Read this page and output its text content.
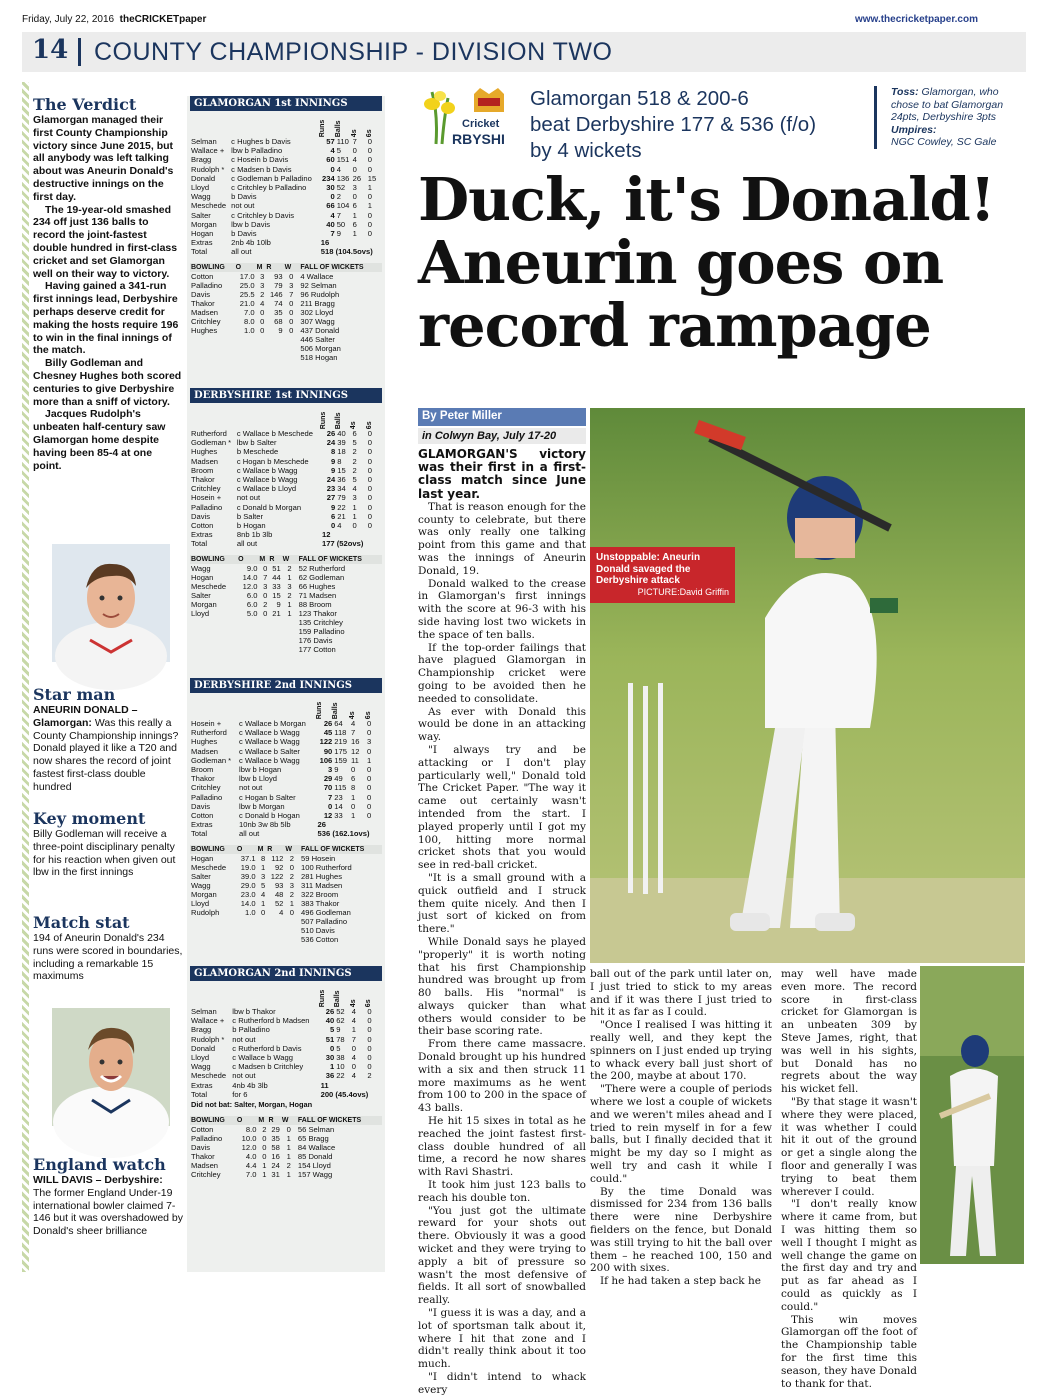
Friday, July 22, 2016 theCRICKETpaper	www.thecricketpaper.com
14 COUNTY CHAMPIONSHIP - DIVISION TWO
The Verdict
Glamorgan managed their first County Championship victory since June 2015, but all anybody was left talking about was Aneurin Donald's destructive innings on the first day.
The 19-year-old smashed 234 off just 136 balls to record the joint-fastest double hundred in first-class cricket and set Glamorgan well on their way to victory.
Having gained a 341-run first innings lead, Derbyshire perhaps deserve credit for making the hosts require 196 to win in the final innings of the match.
Billy Godleman and Chesney Hughes both scored centuries to give Derbyshire more than a sniff of victory.
Jacques Rudolph's unbeaten half-century saw Glamorgan home despite having been 85-4 at one point.
Star man
ANEURIN DONALD – Glamorgan: Was this really a County Championship innings? Donald played it like a T20 and now shares the record of joint fastest first-class double hundred
Key moment
Billy Godleman will receive a three-point disciplinary penalty for his reaction when given out lbw in the first innings
Match stat
194 of Aneurin Donald's 234 runs were scored in boundaries, including a remarkable 15 maximums
England watch
WILL DAVIS – Derbyshire: The former England Under-19 international bowler claimed 7-146 but it was overshadowed by Donald's sheer brilliance
GLAMORGAN 1st INNINGS
		Runs	Balls	4s	6s
Selman	c Hughes b Davis	57	110	7	0
Wallace +	lbw b Palladino	4	5	0	0
Bragg	c Hosein b Davis	60	151	4	0
Rudolph *	c Madsen b Davis	0	4	0	0
Donald	c Godleman b Palladino	234	136	26	15
Lloyd	c Critchley b Palladino	30	52	3	1
Wagg	b Davis	0	2	0	0
Meschede	not out	66	104	6	1
Salter	c Critchley b Davis	4	7	1	0
Morgan	lbw b Davis	40	50	6	0
Hogan	b Davis	7	9	1	0
Extras	2nb 4b 10lb	16			
Total	all out	518 (104.5ovs)			
BOWLING	O	M	R	W	FALL OF WICKETS
Cotton	17.0	3	93	0	4 Wallace
Palladino	25.0	3	79	3	92 Selman
Davis	25.5	2	146	7	96 Rudolph
Thakor	21.0	4	74	0	211 Bragg
Madsen	7.0	0	35	0	302 Lloyd
Critchley	8.0	0	68	0	307 Wagg
Hughes	1.0	0	9	0	437 Donald
					446 Salter
					506 Morgan
					518 Hogan
DERBYSHIRE 1st INNINGS
		Runs	Balls	4s	6s
Rutherford	c Wallace b Meschede	26	40	6	0
Godleman *	lbw b Salter	24	39	5	0
Hughes	b Meschede	8	18	2	0
Madsen	c Hogan b Meschede	9	8	2	0
Broom	c Wallace b Wagg	9	15	2	0
Thakor	c Wallace b Wagg	24	36	5	0
Critchley	c Wallace b Lloyd	23	34	4	0
Hosein +	not out	27	79	3	0
Palladino	c Donald b Morgan	9	22	1	0
Davis	b Salter	6	21	1	0
Cotton	b Hogan	0	4	0	0
Extras	8nb 1b 3lb	12			
Total	all out	177 (52ovs)			
BOWLING	O	M	R	W	FALL OF WICKETS
Wagg	9.0	0	51	2	52 Rutherford
Hogan	14.0	7	44	1	62 Godleman
Meschede	12.0	3	33	3	66 Hughes
Salter	6.0	0	15	2	71 Madsen
Morgan	6.0	2	9	1	88 Broom
Lloyd	5.0	0	21	1	123 Thakor
					135 Critchley
					159 Palladino
					176 Davis
					177 Cotton
DERBYSHIRE 2nd INNINGS
		Runs	Balls	4s	6s
Hosein +	c Wallace b Morgan	26	64	4	0
Rutherford	c Wallace b Wagg	45	118	7	0
Hughes	c Wallace b Wagg	122	219	16	3
Madsen	c Wallace b Salter	90	175	12	0
Godleman *	c Wallace b Wagg	106	159	11	1
Broom	lbw b Hogan	3	9	0	0
Thakor	lbw b Lloyd	29	49	6	0
Critchley	not out	70	115	8	0
Palladino	c Hogan b Salter	7	23	1	0
Davis	lbw b Morgan	0	14	0	0
Cotton	c Donald b Hogan	12	33	1	0
Extras	10nb 3w 8b 5lb	26			
Total	all out	536 (162.1ovs)			
BOWLING	O	M	R	W	FALL OF WICKETS
Hogan	37.1	8	112	2	59 Hosein
Meschede	19.0	1	92	0	100 Rutherford
Salter	39.0	3	122	2	281 Hughes
Wagg	29.0	5	93	3	311 Madsen
Morgan	23.0	4	48	2	322 Broom
Lloyd	14.0	1	52	1	383 Thakor
Rudolph	1.0	0	4	0	496 Godleman
					507 Palladino
					510 Davis
					536 Cotton
GLAMORGAN 2nd INNINGS
		Runs	Balls	4s	6s
Selman	lbw b Thakor	26	52	4	0
Wallace +	c Rutherford b Madsen	40	62	4	0
Bragg	b Palladino	5	9	1	0
Rudolph *	not out	51	78	7	0
Donald	c Rutherford b Davis	0	5	0	0
Lloyd	c Wallace b Wagg	30	38	4	0
Wagg	c Madsen b Critchley	1	10	0	0
Meschede	not out	36	22	4	2
Extras	4nb 4b 3lb	11			
Total	for 6	200 (45.4ovs)			
Did not bat: Salter, Morgan, Hogan
BOWLING	O	M	R	W	FALL OF WICKETS
Cotton	8.0	2	29	0	56 Selman
Palladino	10.0	0	35	1	65 Bragg
Davis	12.0	0	58	1	84 Wallace
Thakor	4.0	0	16	1	85 Donald
Madsen	4.4	1	24	2	154 Lloyd
Critchley	7.0	1	31	1	157 Wagg
Cricket
RBYSHI
Glamorgan 518 & 200-6
beat Derbyshire 177 & 536 (f/o)
by 4 wickets
Toss: Glamorgan, who chose to bat Glamorgan 24pts, Derbyshire 3pts
Umpires:
NGC Cowley, SC Gale
Duck, it's Donald! Aneurin goes on record rampage
By Peter Miller
in Colwyn Bay, July 17-20
GLAMORGAN'S victory was their first in a first-class match since June last year.

That is reason enough for the county to celebrate, but there was only really one talking point from this game and that was the innings of Aneurin Donald, 19.

Donald walked to the crease in Glamorgan's first innings with the score at 96-3 with his side having lost two wickets in the space of ten balls.

If the top-order failings that have plagued Glamorgan in Championship cricket were going to be avoided then he needed to consolidate.

As ever with Donald this would be done in an attacking way.

"I always try and be attacking or I don't play particularly well," Donald told The Cricket Paper. "The way it came out certainly wasn't intended from the start. I played properly until I got my 100, hitting more normal cricket shots that you would see in red-ball cricket.

"It is a small ground with a quick outfield and I struck them quite nicely. And then I just sort of kicked on from there."

While Donald says he played "properly" it is worth noting that his first Championship hundred was brought up from 80 balls. His "normal" is always quicker than what others would consider to be their base scoring rate.

From there came massacre. Donald brought up his hundred with a six and then struck 11 more maximums as he went from 100 to 200 in the space of 43 balls.

He hit 15 sixes in total as he reached the joint fastest first-class double hundred of all time, a record he now shares with Ravi Shastri.

It took him just 123 balls to reach his double ton.

"You just got the ultimate reward for your shots out there. Obviously it was a good wicket and they were trying to apply a bit of pressure so wasn't the most defensive of fields. It all sort of snowballed really.

"I guess it is was a day, and a lot of sportsman talk about it, where I hit that zone and I didn't really think about it too much.

"I didn't intend to whack every

Unstoppable: Aneurin Donald savaged the Derbyshire attack
PICTURE:David Griffin

ball out of the park until later on, I just tried to stick to my areas and if it was there I just tried to hit it as far as I could.

"Once I realised I was hitting it really well, and they kept the spinners on I just ended up trying to whack every ball just short of the 200, maybe at about 170.

"There were a couple of periods where we lost a couple of wickets and we weren't miles ahead and I tried to rein myself in for a few balls, but I finally decided that it might be my day so I might as well try and cash it while I could."

By the time Donald was dismissed for 234 from 136 balls there were nine Derbyshire fielders on the fence, but Donald was still trying to hit the ball over them – he reached 100, 150 and 200 with sixes.

If he had taken a step back he

may well have made even more. The record score in first-class cricket for Glamorgan is an unbeaten 309 by Steve James, right, that was well in his sights, but Donald has no regrets about the way his wicket fell.

"By that stage it wasn't where they were placed, it was whether I could hit it out of the ground or get a single along the floor and generally I was trying to beat them wherever I could.

"I don't really know where it came from, but I was hitting them so well I thought I might as well change the game on the first day and try and put as far ahead as I could as quickly as I could."

This win moves Glamorgan off the foot of the Championship table for the first time this season, they have Donald to thank for that.
